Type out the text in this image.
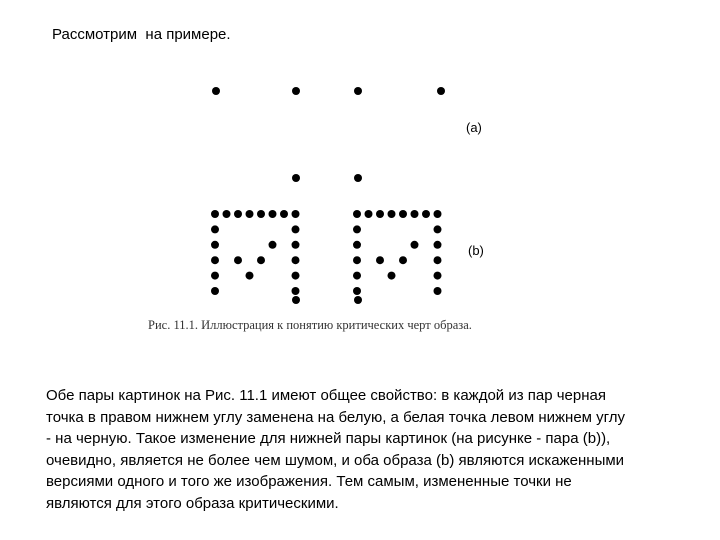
Рассмотрим  на примере.
(a)
(b)
Рис. 11.1. Иллюстрация к понятию критических черт образа.

Обе пары картинок на Рис. 11.1 имеют общее свойство: в каждой из пар черная
точка в правом нижнем углу заменена на белую, а белая точка левом нижнем углу
- на черную. Такое изменение для нижней пары картинок (на рисунке - пара (b)),
очевидно, является не более чем шумом, и оба образа (b) являются искаженными
версиями одного и того же изображения. Тем самым, измененные точки не
являются для этого образа критическими.
